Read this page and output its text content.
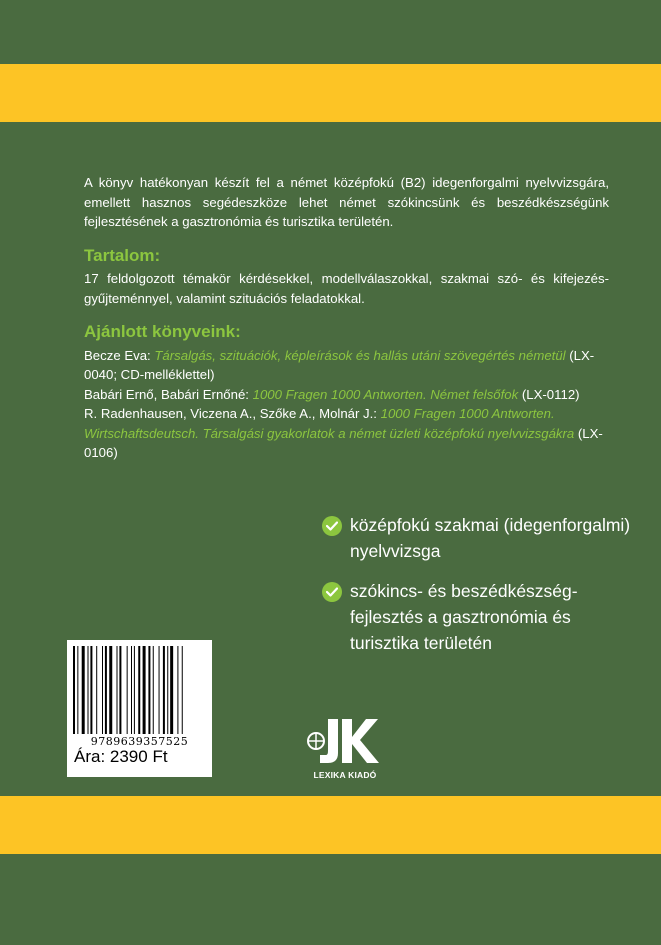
A könyv hatékonyan készít fel a német középfokú (B2) idegenforgalmi nyelvvizsgára, emellett hasznos segédeszköze lehet német szókincsünk és beszédkészségünk fejlesztésének a gasztronómia és turisztika területén.

Tartalom:

17 feldolgozott témakör kérdésekkel, modellválaszokkal, szakmai szó- és kifejezés-gyűjteménnyel, valamint szituációs feladatokkal.

Ajánlott könyveink:

Becze Eva: Társalgás, szituációk, képleírások és hallás utáni szövegértés németül (LX-0040; CD-melléklettel)

Babári Ernő, Babári Ernőné: 1000 Fragen 1000 Antworten. Német felsőfok (LX-0112)

R. Radenhausen, Viczena A., Szőke A., Molnár J.: 1000 Fragen 1000 Antworten. Wirtschaftsdeutsch. Társalgási gyakorlatok a német üzleti középfokú nyelvvizsgákra (LX-0106)

középfokú szakmai (idegenforgalmi) nyelvvizsga
szókincs- és beszédkészség-fejlesztés a gasztronómia és turisztika területén
9789639357525
Ára: 2390 Ft
LEXIKA KIADÓ
